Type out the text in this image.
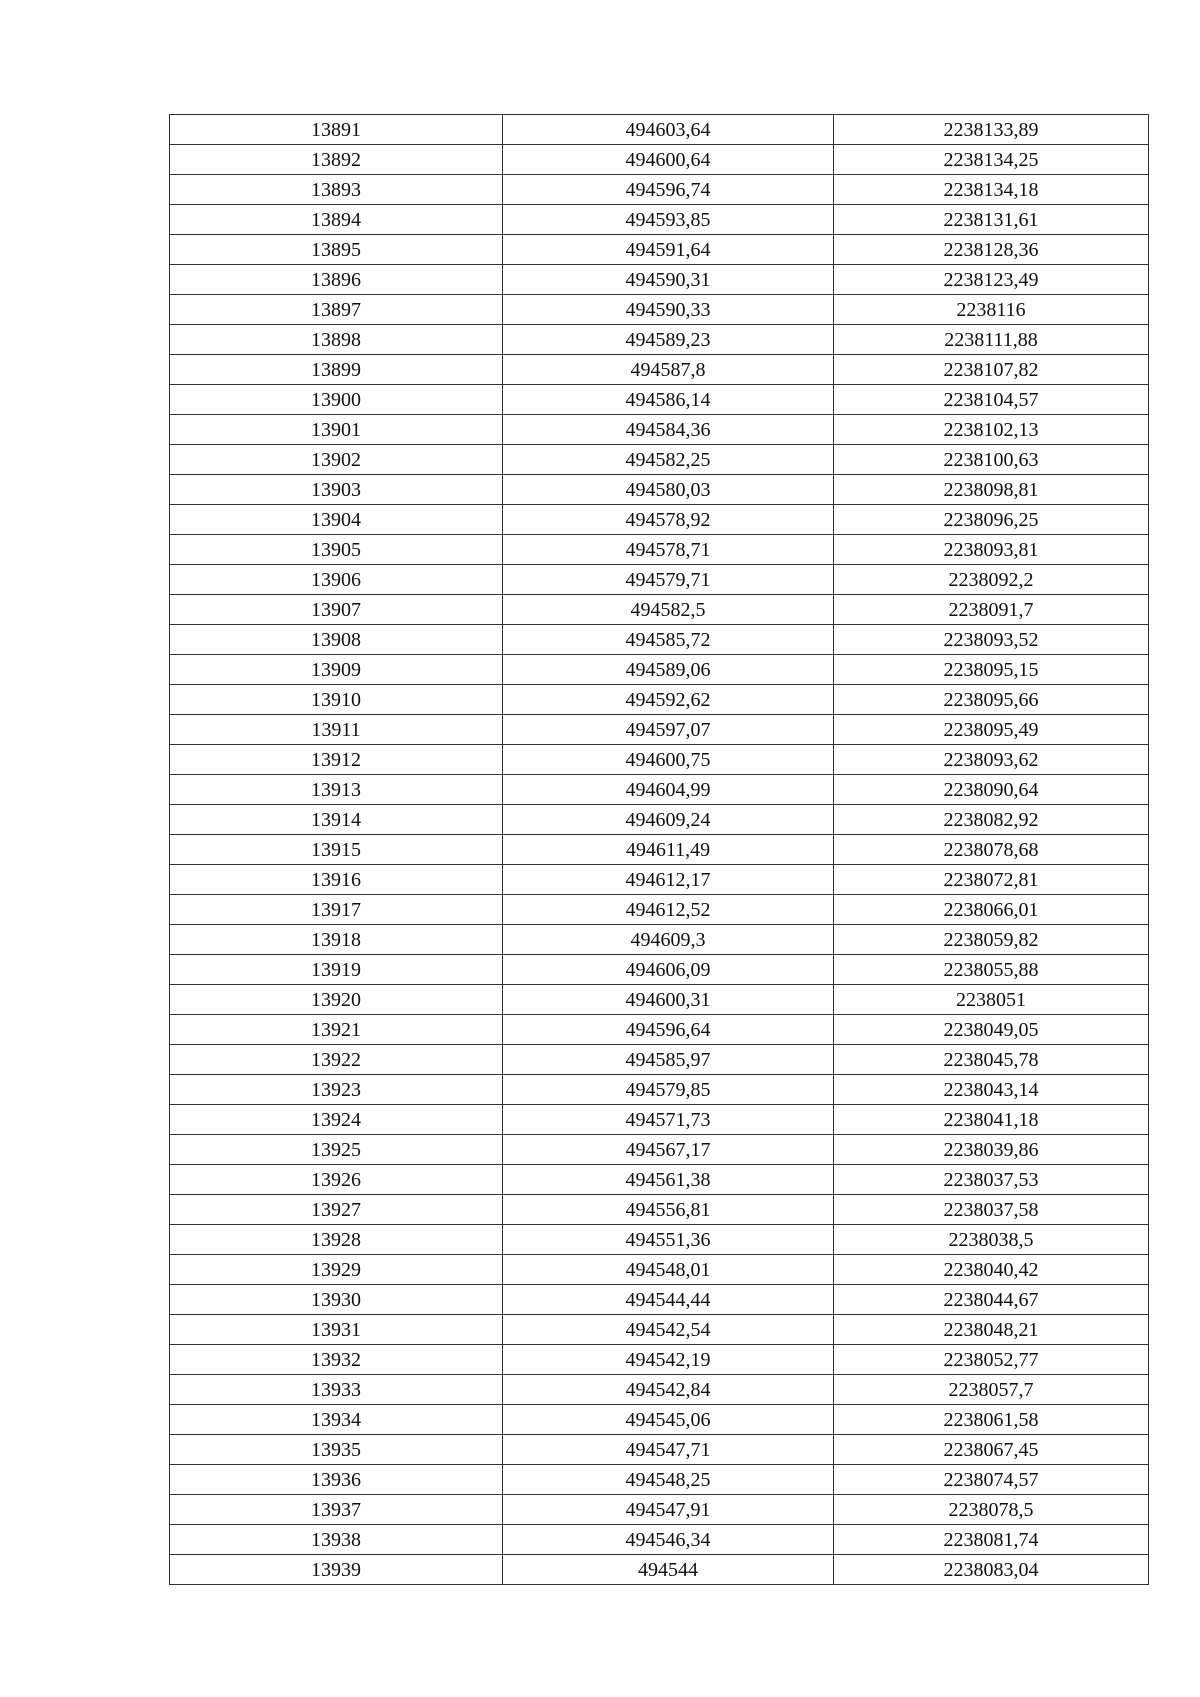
13891	494603,64	2238133,89
13892	494600,64	2238134,25
13893	494596,74	2238134,18
13894	494593,85	2238131,61
13895	494591,64	2238128,36
13896	494590,31	2238123,49
13897	494590,33	2238116
13898	494589,23	2238111,88
13899	494587,8	2238107,82
13900	494586,14	2238104,57
13901	494584,36	2238102,13
13902	494582,25	2238100,63
13903	494580,03	2238098,81
13904	494578,92	2238096,25
13905	494578,71	2238093,81
13906	494579,71	2238092,2
13907	494582,5	2238091,7
13908	494585,72	2238093,52
13909	494589,06	2238095,15
13910	494592,62	2238095,66
13911	494597,07	2238095,49
13912	494600,75	2238093,62
13913	494604,99	2238090,64
13914	494609,24	2238082,92
13915	494611,49	2238078,68
13916	494612,17	2238072,81
13917	494612,52	2238066,01
13918	494609,3	2238059,82
13919	494606,09	2238055,88
13920	494600,31	2238051
13921	494596,64	2238049,05
13922	494585,97	2238045,78
13923	494579,85	2238043,14
13924	494571,73	2238041,18
13925	494567,17	2238039,86
13926	494561,38	2238037,53
13927	494556,81	2238037,58
13928	494551,36	2238038,5
13929	494548,01	2238040,42
13930	494544,44	2238044,67
13931	494542,54	2238048,21
13932	494542,19	2238052,77
13933	494542,84	2238057,7
13934	494545,06	2238061,58
13935	494547,71	2238067,45
13936	494548,25	2238074,57
13937	494547,91	2238078,5
13938	494546,34	2238081,74
13939	494544	2238083,04
